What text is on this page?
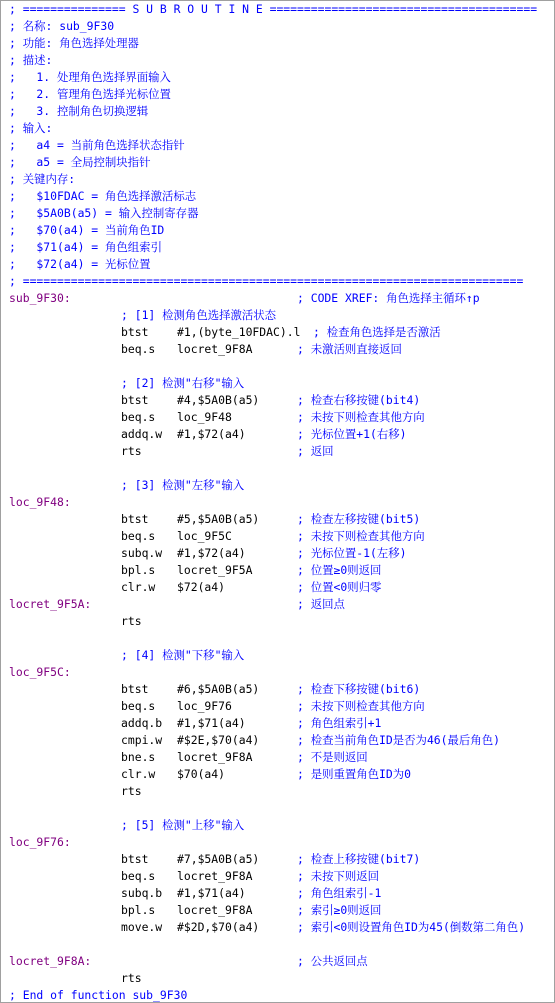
; =============== S U B R O U T I N E =======================================
; 名称: sub_9F30
; 功能: 角色选择处理器
; 描述:
;   1. 处理角色选择界面输入
;   2. 管理角色选择光标位置
;   3. 控制角色切换逻辑
; 输入:
;   a4 = 当前角色选择状态指针
;   a5 = 全局控制块指针
; 关键内存:
;   $10FDAC = 角色选择激活标志
;   $5A0B(a5) = 输入控制寄存器
;   $70(a4) = 当前角色ID
;   $71(a4) = 角色组索引
;   $72(a4) = 光标位置
; =========================================================================
sub_9F30:	; CODE XREF: 角色选择主循环↑p
; [1] 检测角色选择激活状态
btst	#1,(byte_10FDAC).l ; 检查角色选择是否激活
beq.s locret_9F8A	; 未激活则直接返回
; [2] 检测"右移"输入
btst	#4,$5A0B(a5)	; 检查右移按键(bit4)
beq.s loc_9F48	; 未按下则检查其他方向
addq.w #1,$72(a4)	; 光标位置+1(右移)
rts	; 返回
; [3] 检测"左移"输入
loc_9F48:
btst	#5,$5A0B(a5)	; 检查左移按键(bit5)
beq.s loc_9F5C	; 未按下则检查其他方向
subq.w #1,$72(a4)	; 光标位置-1(左移)
bpl.s locret_9F5A	; 位置≥0则返回
clr.w $72(a4)	; 位置<0则归零
locret_9F5A:	; 返回点
rts
; [4] 检测"下移"输入
loc_9F5C:
btst	#6,$5A0B(a5)	; 检查下移按键(bit6)
beq.s loc_9F76	; 未按下则检查其他方向
addq.b #1,$71(a4)	; 角色组索引+1
cmpi.w #$2E,$70(a4)	; 检查当前角色ID是否为46(最后角色)
bne.s locret_9F8A	; 不是则返回
clr.w $70(a4)	; 是则重置角色ID为0
rts
; [5] 检测"上移"输入
loc_9F76:
btst	#7,$5A0B(a5)	; 检查上移按键(bit7)
beq.s locret_9F8A	; 未按下则返回
subq.b #1,$71(a4)	; 角色组索引-1
bpl.s locret_9F8A	; 索引≥0则返回
move.w #$2D,$70(a4)	; 索引<0则设置角色ID为45(倒数第二角色)
locret_9F8A:	; 公共返回点
rts
; End of function sub_9F30
